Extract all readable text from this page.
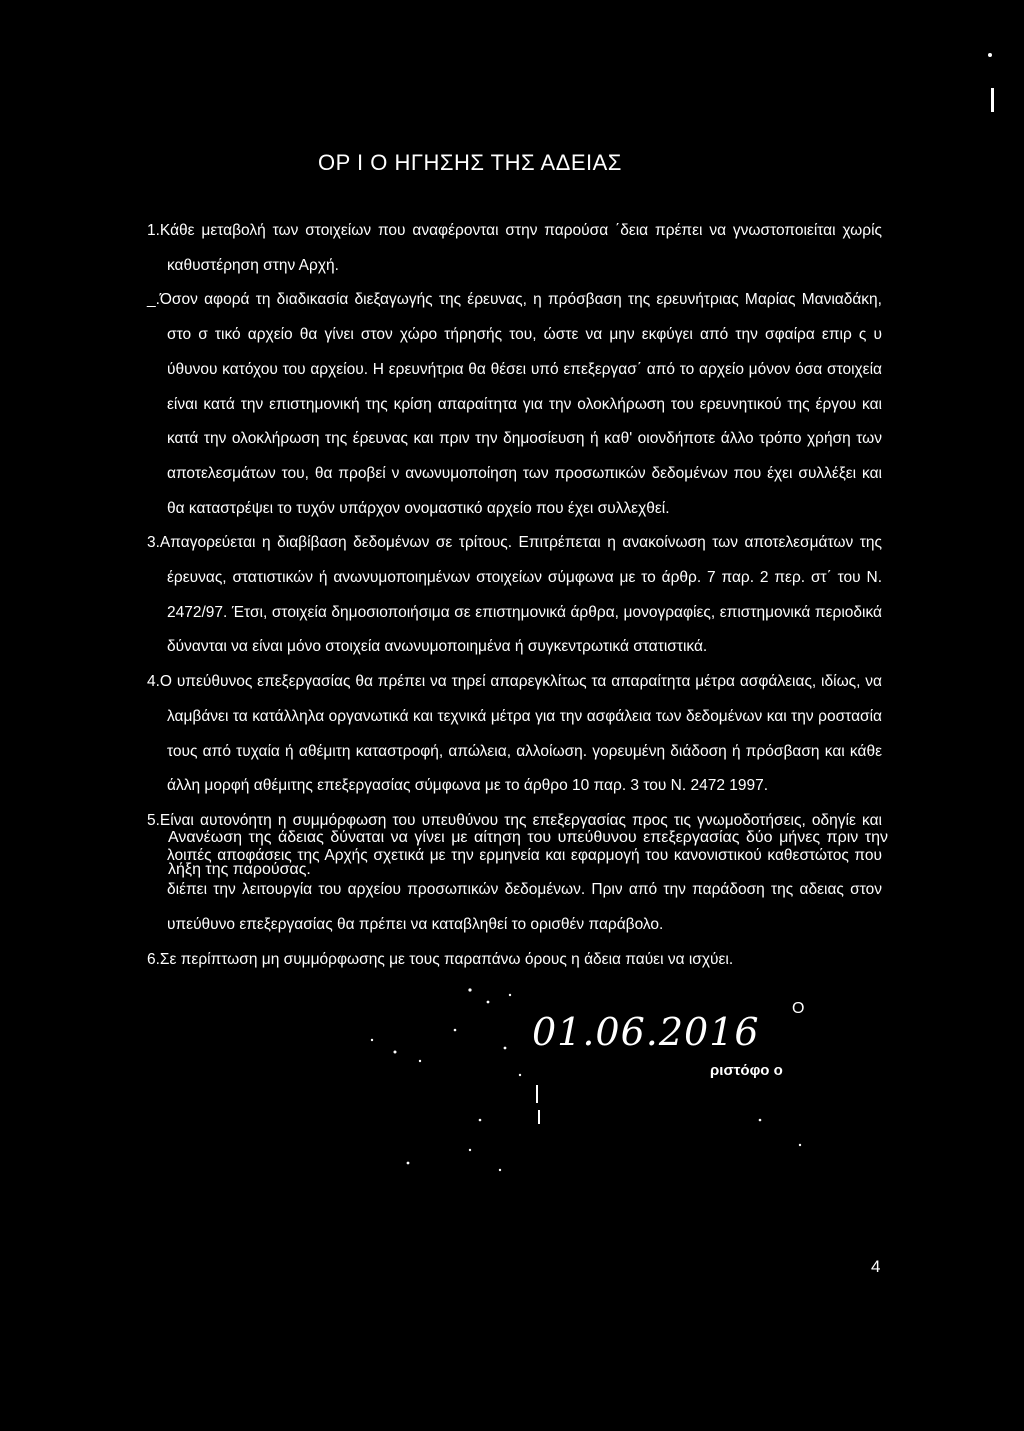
ΟΡ Ι Ο ΗΓΗΣΗΣ ΤΗΣ ΑΔΕΙΑΣ

1.Κάθε μεταβολή των στοιχείων που αναφέρονται στην παρούσα ΄δεια πρέπει να γνωστοποιείται χωρίς καθυστέρηση στην Αρχή.

_.Όσον αφορά τη διαδικασία διεξαγωγής της έρευνας, η πρόσβαση της ερευνήτριας Μαρίας Μανιαδάκη, στο σ τικό αρχείο θα γίνει στον χώρο τήρησής του, ώστε να μην εκφύγει από την σφαίρα επιρ ς υ ύθυνου κατόχου του αρχείου. Η ερευνήτρια θα θέσει υπό επεξεργασ΄ από το αρχείο μόνον όσα στοιχεία είναι κατά την επιστημονική της κρίση απαραίτητα για την ολοκλήρωση του ερευνητικού της έργου και κατά την ολοκλήρωση της έρευνας και πριν την δημοσίευση ή καθ' οιονδήποτε άλλο τρόπο χρήση των αποτελεσμάτων του, θα προβεί ν ανωνυμοποίηση των προσωπικών δεδομένων που έχει συλλέξει και θα καταστρέψει το τυχόν υπάρχον ονομαστικό αρχείο που έχει συλλεχθεί.

3.Απαγορεύεται η διαβίβαση δεδομένων σε τρίτους. Επιτρέπεται η ανακοίνωση των αποτελεσμάτων της έρευνας, στατιστικών ή ανωνυμοποιημένων στοιχείων σύμφωνα με το άρθρ. 7 παρ. 2 περ. στ΄ του Ν. 2472/97. Έτσι, στοιχεία δημοσιοποιήσιμα σε επιστημονικά άρθρα, μονογραφίες, επιστημονικά περιοδικά δύνανται να είναι μόνο στοιχεία ανωνυμοποιημένα ή συγκεντρωτικά στατιστικά.

4.Ο υπεύθυνος επεξεργασίας θα πρέπει να τηρεί απαρεγκλίτως τα απαραίτητα μέτρα ασφάλειας, ιδίως, να λαμβάνει τα κατάλληλα οργανωτικά και τεχνικά μέτρα για την ασφάλεια των δεδομένων και την ροστασία τους από τυχαία ή αθέμιτη καταστροφή, απώλεια, αλλοίωση. γορευμένη διάδοση ή πρόσβαση και κάθε άλλη μορφή αθέμιτης επεξεργασίας σύμφωνα με το άρθρο 10 παρ. 3 του Ν. 2472 1997.

5.Είναι αυτονόητη η συμμόρφωση του υπευθύνου της επεξεργασίας προς τις γνωμοδοτήσεις, οδηγίε και λοιπές αποφάσεις της Αρχής σχετικά με την ερμηνεία και εφαρμογή του κανονιστικού καθεστώτος που διέπει την λειτουργία του αρχείου προσωπικών δεδομένων. Πριν από την παράδοση της αδειας στον υπεύθυνο επεξεργασίας θα πρέπει να καταβληθεί το ορισθέν παράβολο.

6.Σε περίπτωση μη συμμόρφωσης με τους παραπάνω όρους η άδεια παύει να ισχύει.

Ανανέωση της άδειας δύναται να γίνει με αίτηση του υπεύθυνου επεξεργασίας δύο μήνες πριν την λήξη της παρούσας.
Ο
01.06.2016
ριστόφο ο
4
